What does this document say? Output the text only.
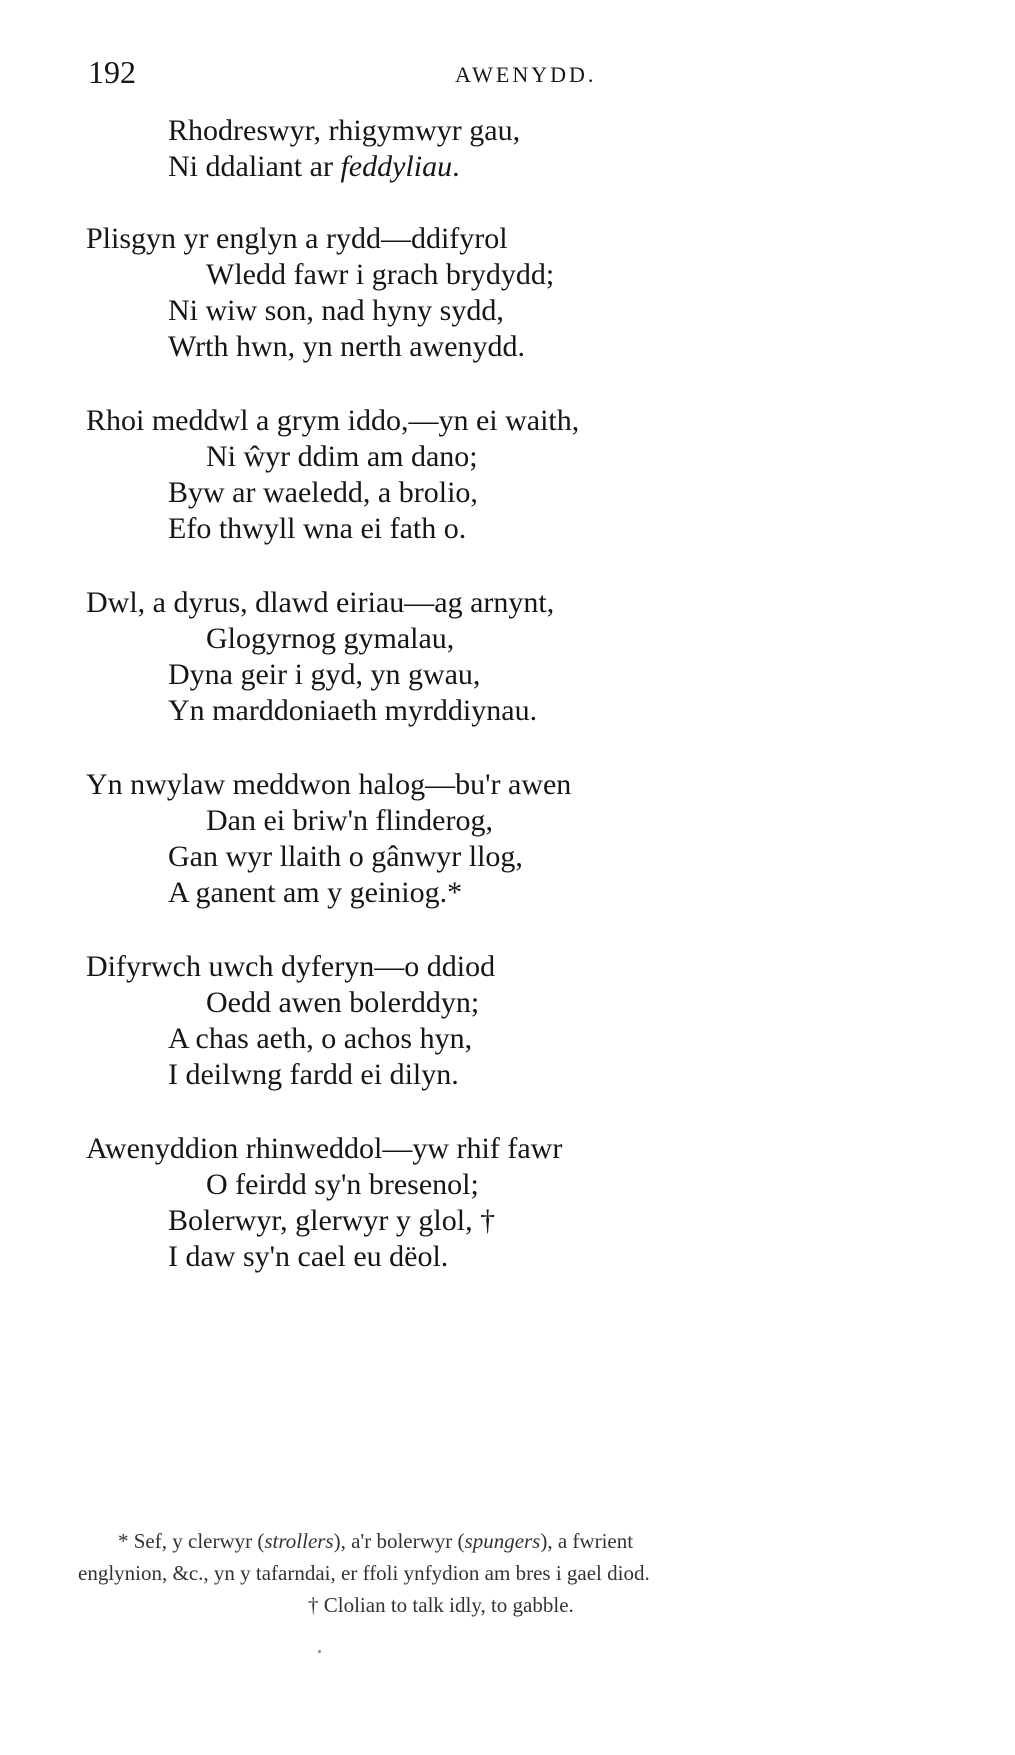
192	AWENYDD.
Rhodreswyr, rhigymwyr gau,
Ni ddaliant ar feddyliau.
Plisgyn yr englyn a rydd—ddifyrol
Wledd fawr i grach brydydd;
Ni wiw son, nad hyny sydd,
Wrth hwn, yn nerth awenydd.
Rhoi meddwl a grym iddo,—yn ei waith,
Ni ŵyr ddim am dano;
Byw ar waeledd, a brolio,
Efo thwyll wna ei fath o.
Dwl, a dyrus, dlawd eiriau—ag arnynt,
Glogyrnog gymalau,
Dyna geir i gyd, yn gwau,
Yn marddoniaeth myrddiynau.
Yn nwylaw meddwon halog—bu'r awen
Dan ei briw'n flinderog,
Gan wyr llaith o gânwyr llog,
A ganent am y geiniog.*
Difyrwch uwch dyferyn—o ddiod
Oedd awen bolerddyn;
A chas aeth, o achos hyn,
I deilwng fardd ei dilyn.
Awenyddion rhinweddol—yw rhif fawr
O feirdd sy'n bresenol;
Bolerwyr, glerwyr y glol, †
I daw sy'n cael eu dëol.
* Sef, y clerwyr (strollers), a'r bolerwyr (spungers), a fwrient
englynion, &c., yn y tafarndai, er ffoli ynfydion am bres i gael diod.
† Clolian to talk idly, to gabble.
